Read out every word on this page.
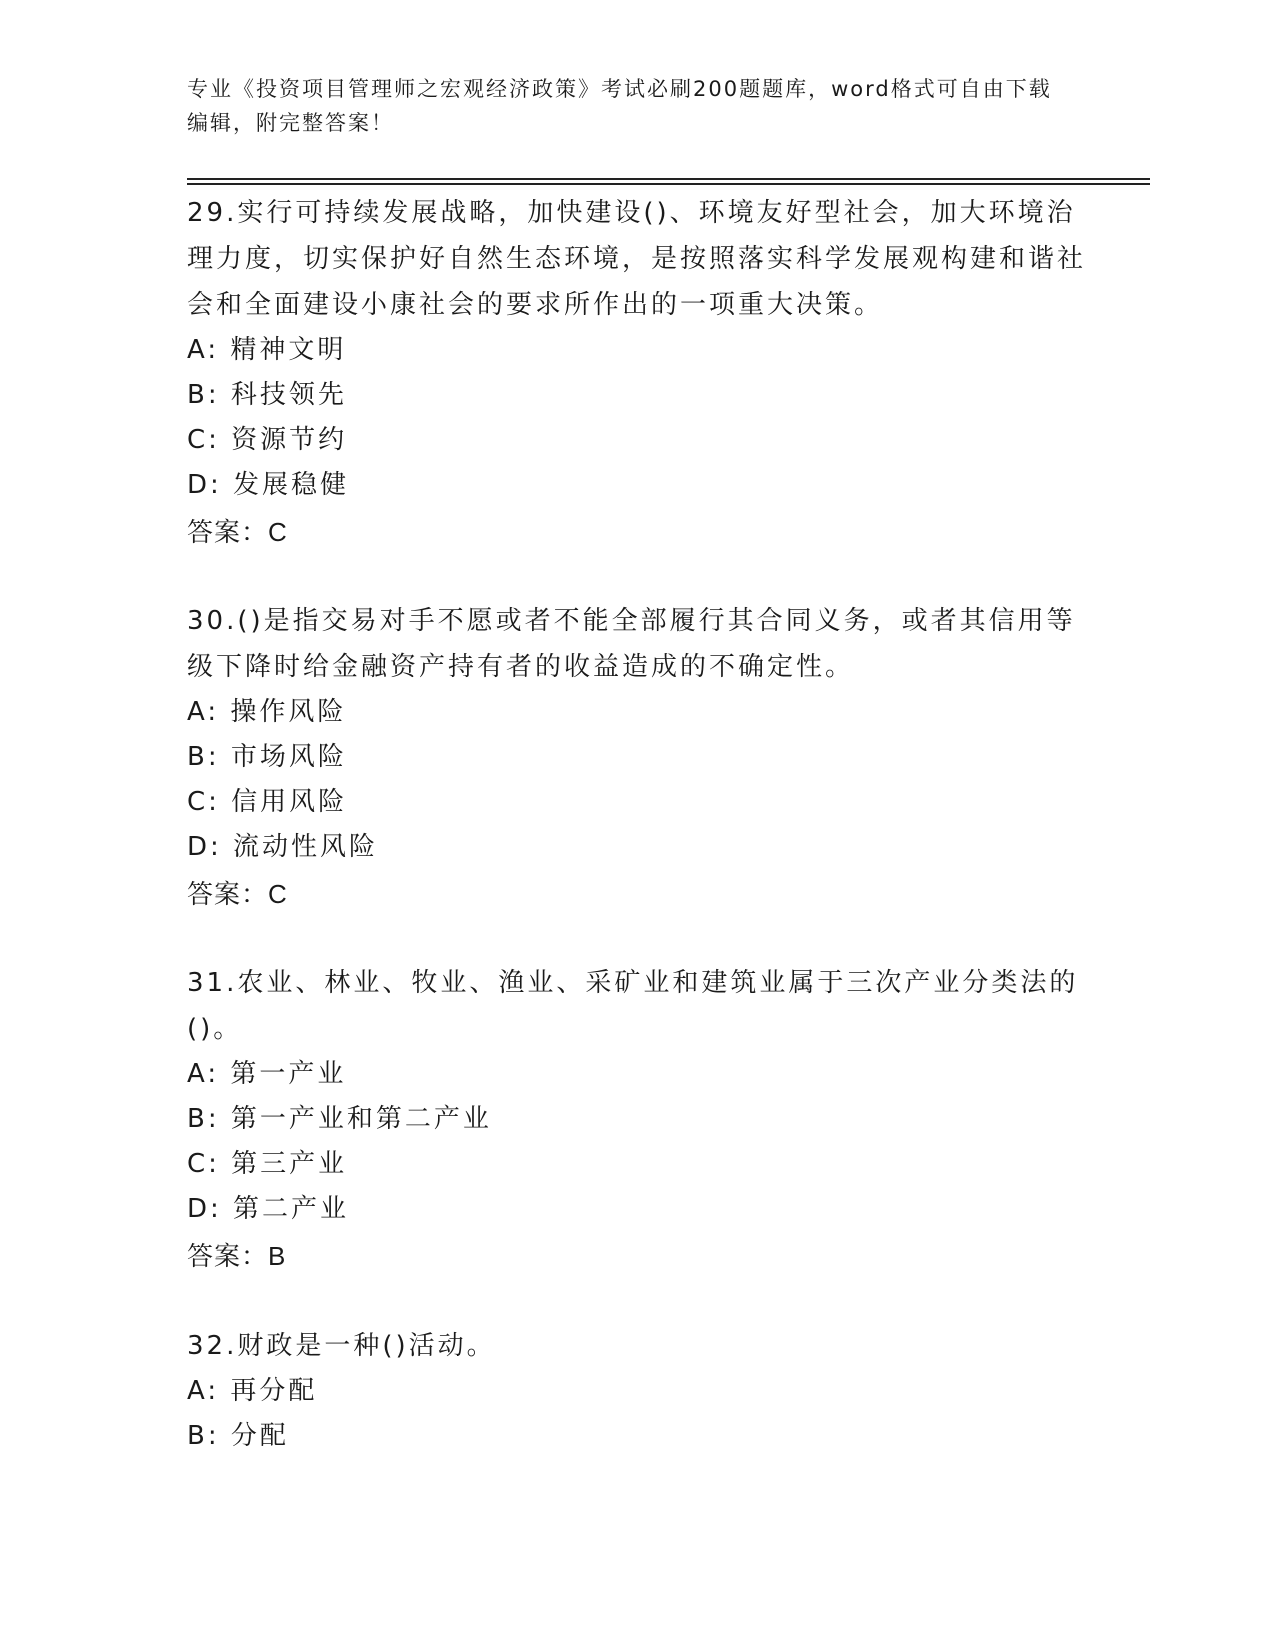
专业《投资项目管理师之宏观经济政策》考试必刷200题题库，word格式可自由下载编辑，附完整答案！
29.实行可持续发展战略，加快建设()、环境友好型社会，加大环境治理力度，切实保护好自然生态环境，是按照落实科学发展观构建和谐社会和全面建设小康社会的要求所作出的一项重大决策。
A: 精神文明
B: 科技领先
C: 资源节约
D: 发展稳健
答案：C
30.()是指交易对手不愿或者不能全部履行其合同义务，或者其信用等级下降时给金融资产持有者的收益造成的不确定性。
A: 操作风险
B: 市场风险
C: 信用风险
D: 流动性风险
答案：C
31.农业、林业、牧业、渔业、采矿业和建筑业属于三次产业分类法的()。
A: 第一产业
B: 第一产业和第二产业
C: 第三产业
D: 第二产业
答案：B
32.财政是一种()活动。
A: 再分配
B: 分配
